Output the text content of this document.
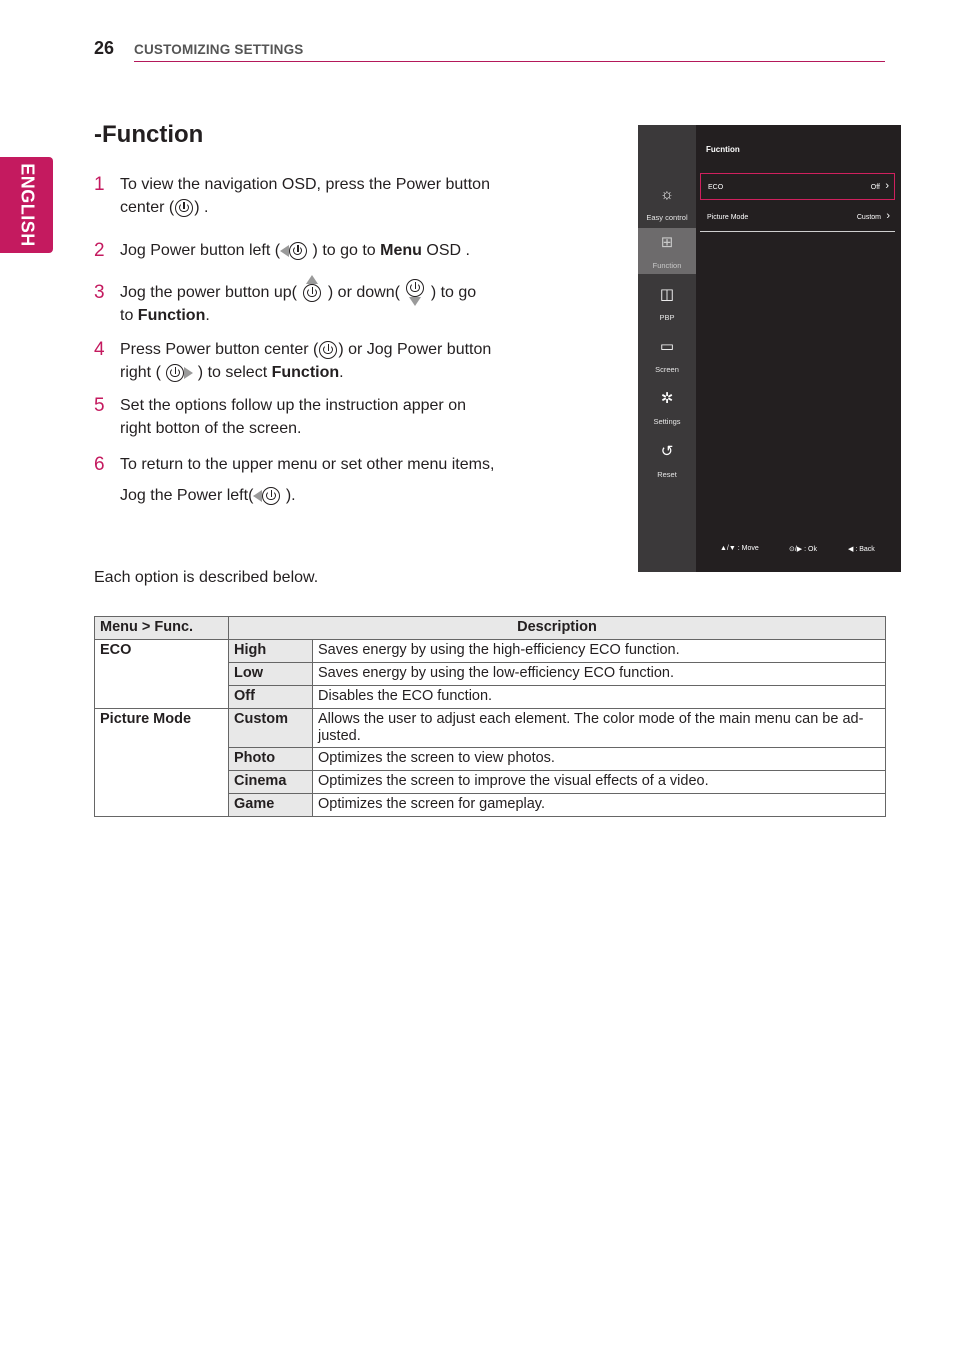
26 CUSTOMIZING SETTINGS
ENGLISH
-Function
1 To view the navigation OSD, press the Power button
center ( ) .
2 Jog Power button left ( ) to go to Menu OSD .
3 Jog the power button up(
) or down(
) to go
to Function.
4 Press Power button center ( ) or Jog Power button
right (  ) to select Function.
5 Set the options follow up the instruction apper on
right botton of the screen.
6 To return to the upper menu or set other menu items,
Jog the Power left( ).
Each option is described below.
☼
Easy control
⊞
Function
◫
PBP
▭
Screen
✲
Settings
↺
Reset
Fucntion
ECO	Off ›
Picture Mode	Custom ›
▲/▼ : Move	⊙/▶ : Ok	◀ : Back
Menu > Func.	Description	
ECO	High	Saves energy by using the high-efficiency ECO function.
	Low	Saves energy by using the low-efficiency ECO function.
	Off	Disables the ECO function.
Picture Mode	Custom	Allows the user to adjust each element. The color mode of the main menu can be ad-justed.
	Photo	Optimizes the screen to view photos.
	Cinema	Optimizes the screen to improve the visual effects of a video.
	Game	Optimizes the screen for gameplay.
